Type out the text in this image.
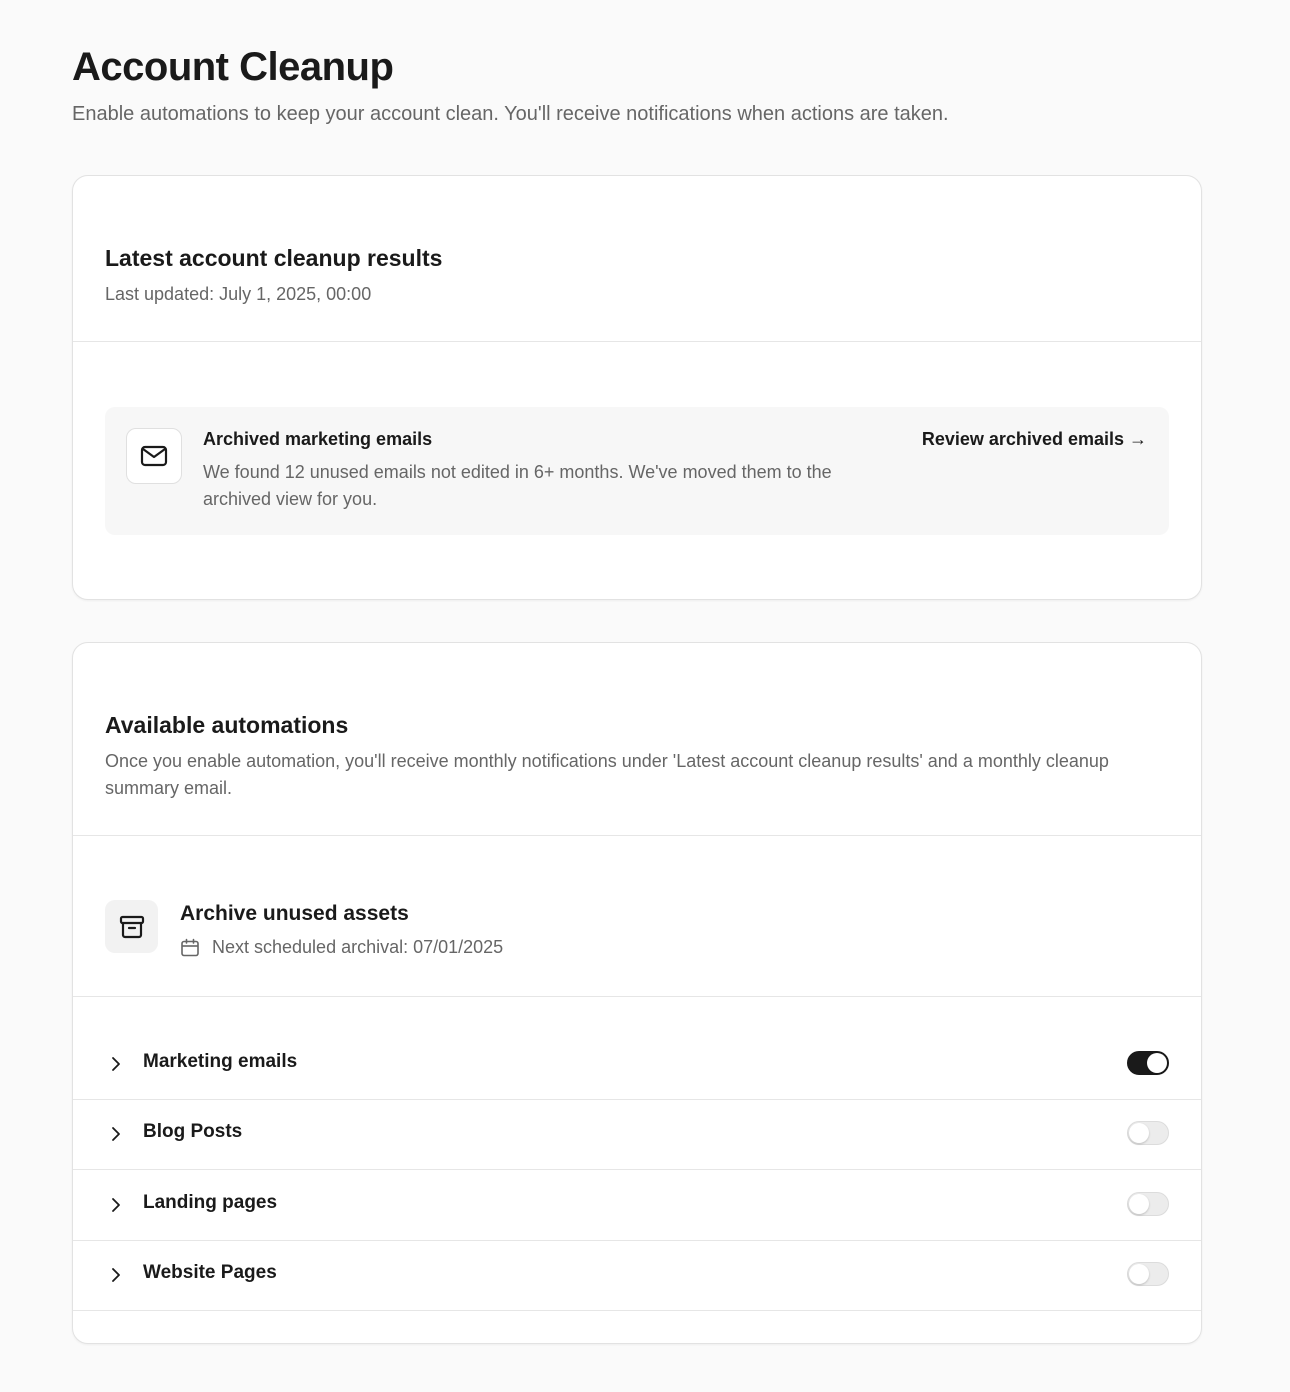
Account Cleanup

Enable automations to keep your account clean. You'll receive notifications when actions are taken.

Latest account cleanup results
Last updated: July 1, 2025, 00:00
Archived marketing emails
We found 12 unused emails not edited in 6+ months. We've moved them to the archived view for you.
Review archived emails →
Available automations
Once you enable automation, you'll receive monthly notifications under 'Latest account cleanup results' and a monthly cleanup summary email.
Archive unused assets
Next scheduled archival: 07/01/2025
Marketing emails
Blog Posts
Landing pages
Website Pages
